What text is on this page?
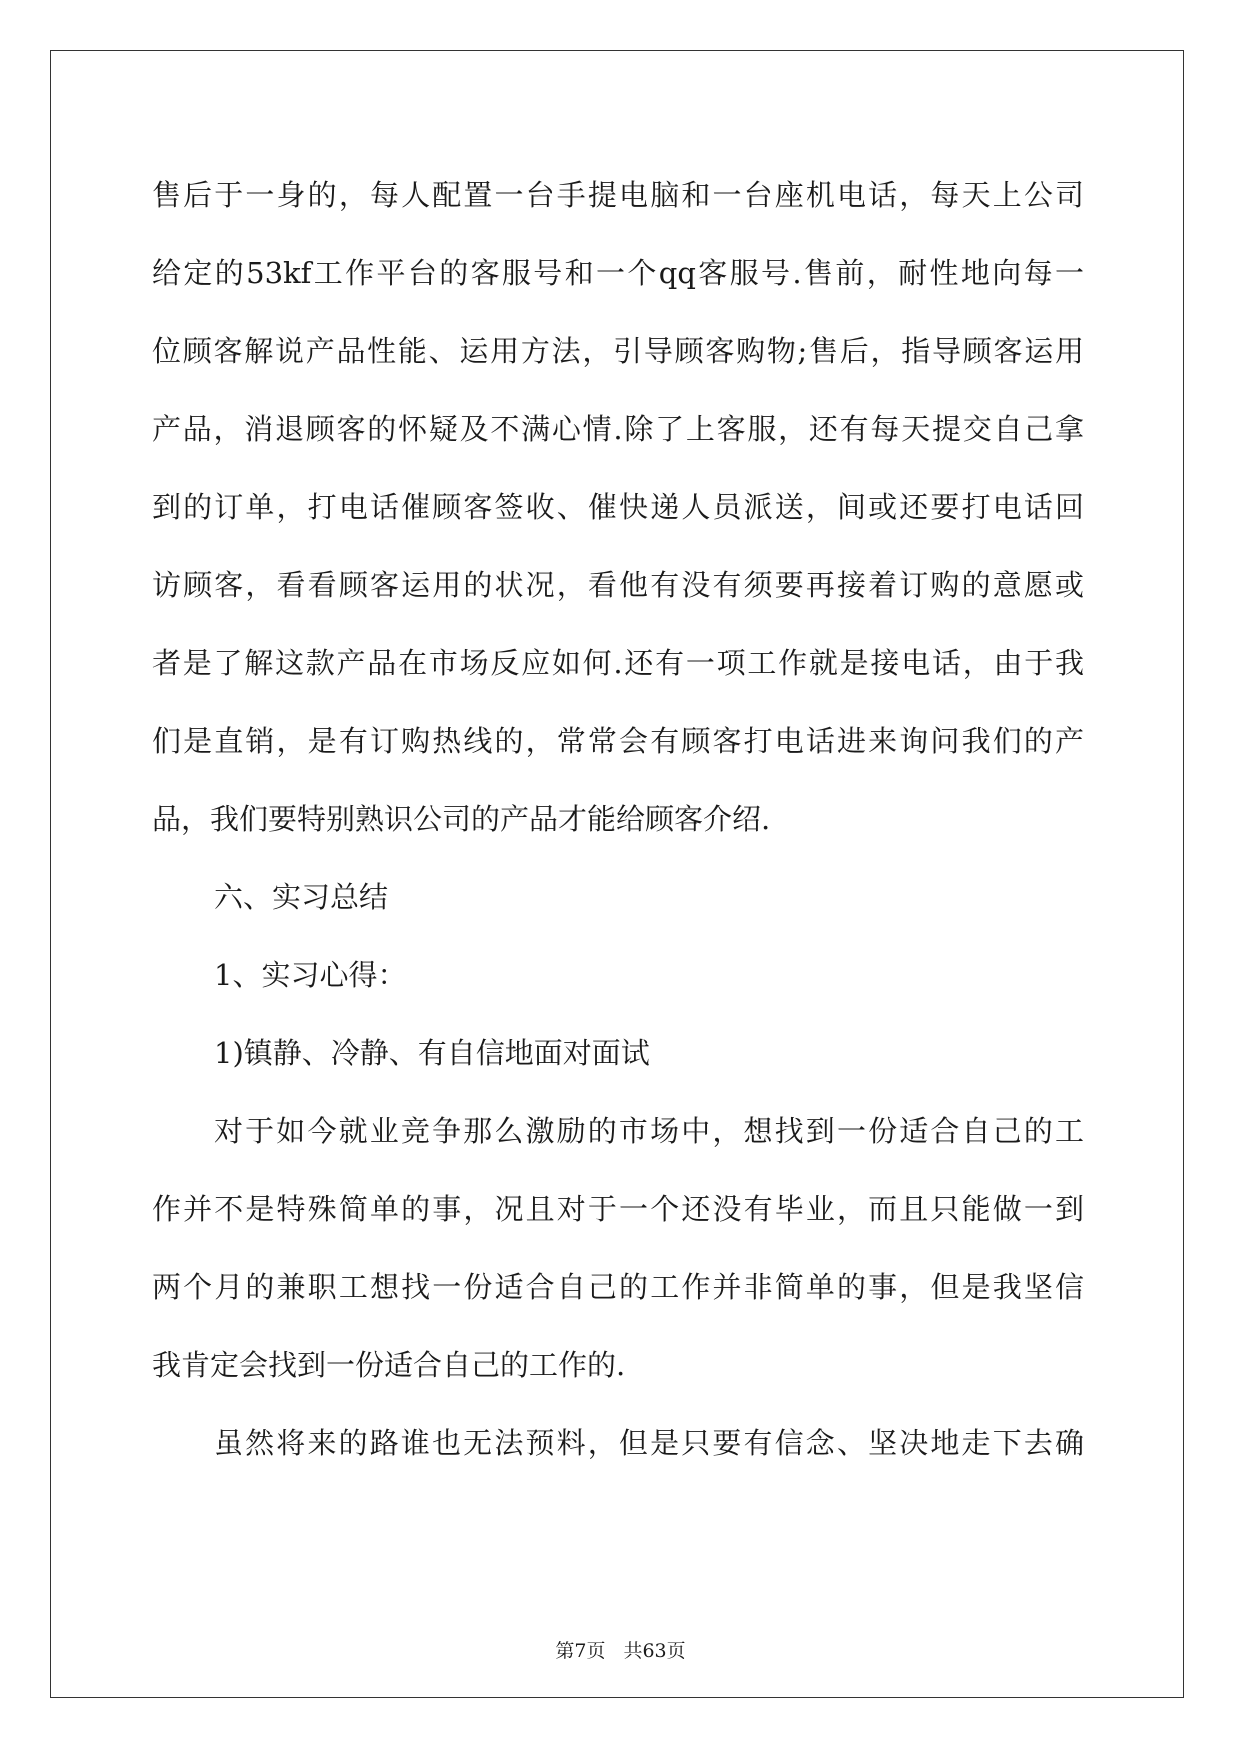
售后于一身的，每人配置一台手提电脑和一台座机电话，每天上公司
给定的53kf工作平台的客服号和一个qq客服号.售前，耐性地向每一
位顾客解说产品性能、运用方法，引导顾客购物;售后，指导顾客运用
产品，消退顾客的怀疑及不满心情.除了上客服，还有每天提交自己拿
到的订单，打电话催顾客签收、催快递人员派送，间或还要打电话回
访顾客，看看顾客运用的状况，看他有没有须要再接着订购的意愿或
者是了解这款产品在市场反应如何.还有一项工作就是接电话，由于我
们是直销，是有订购热线的，常常会有顾客打电话进来询问我们的产
品，我们要特别熟识公司的产品才能给顾客介绍.
六、实习总结
1、实习心得：
1)镇静、冷静、有自信地面对面试
对于如今就业竞争那么激励的市场中，想找到一份适合自己的工
作并不是特殊简单的事，况且对于一个还没有毕业，而且只能做一到
两个月的兼职工想找一份适合自己的工作并非简单的事，但是我坚信
我肯定会找到一份适合自己的工作的.
虽然将来的路谁也无法预料，但是只要有信念、坚决地走下去确
第7页 共63页
